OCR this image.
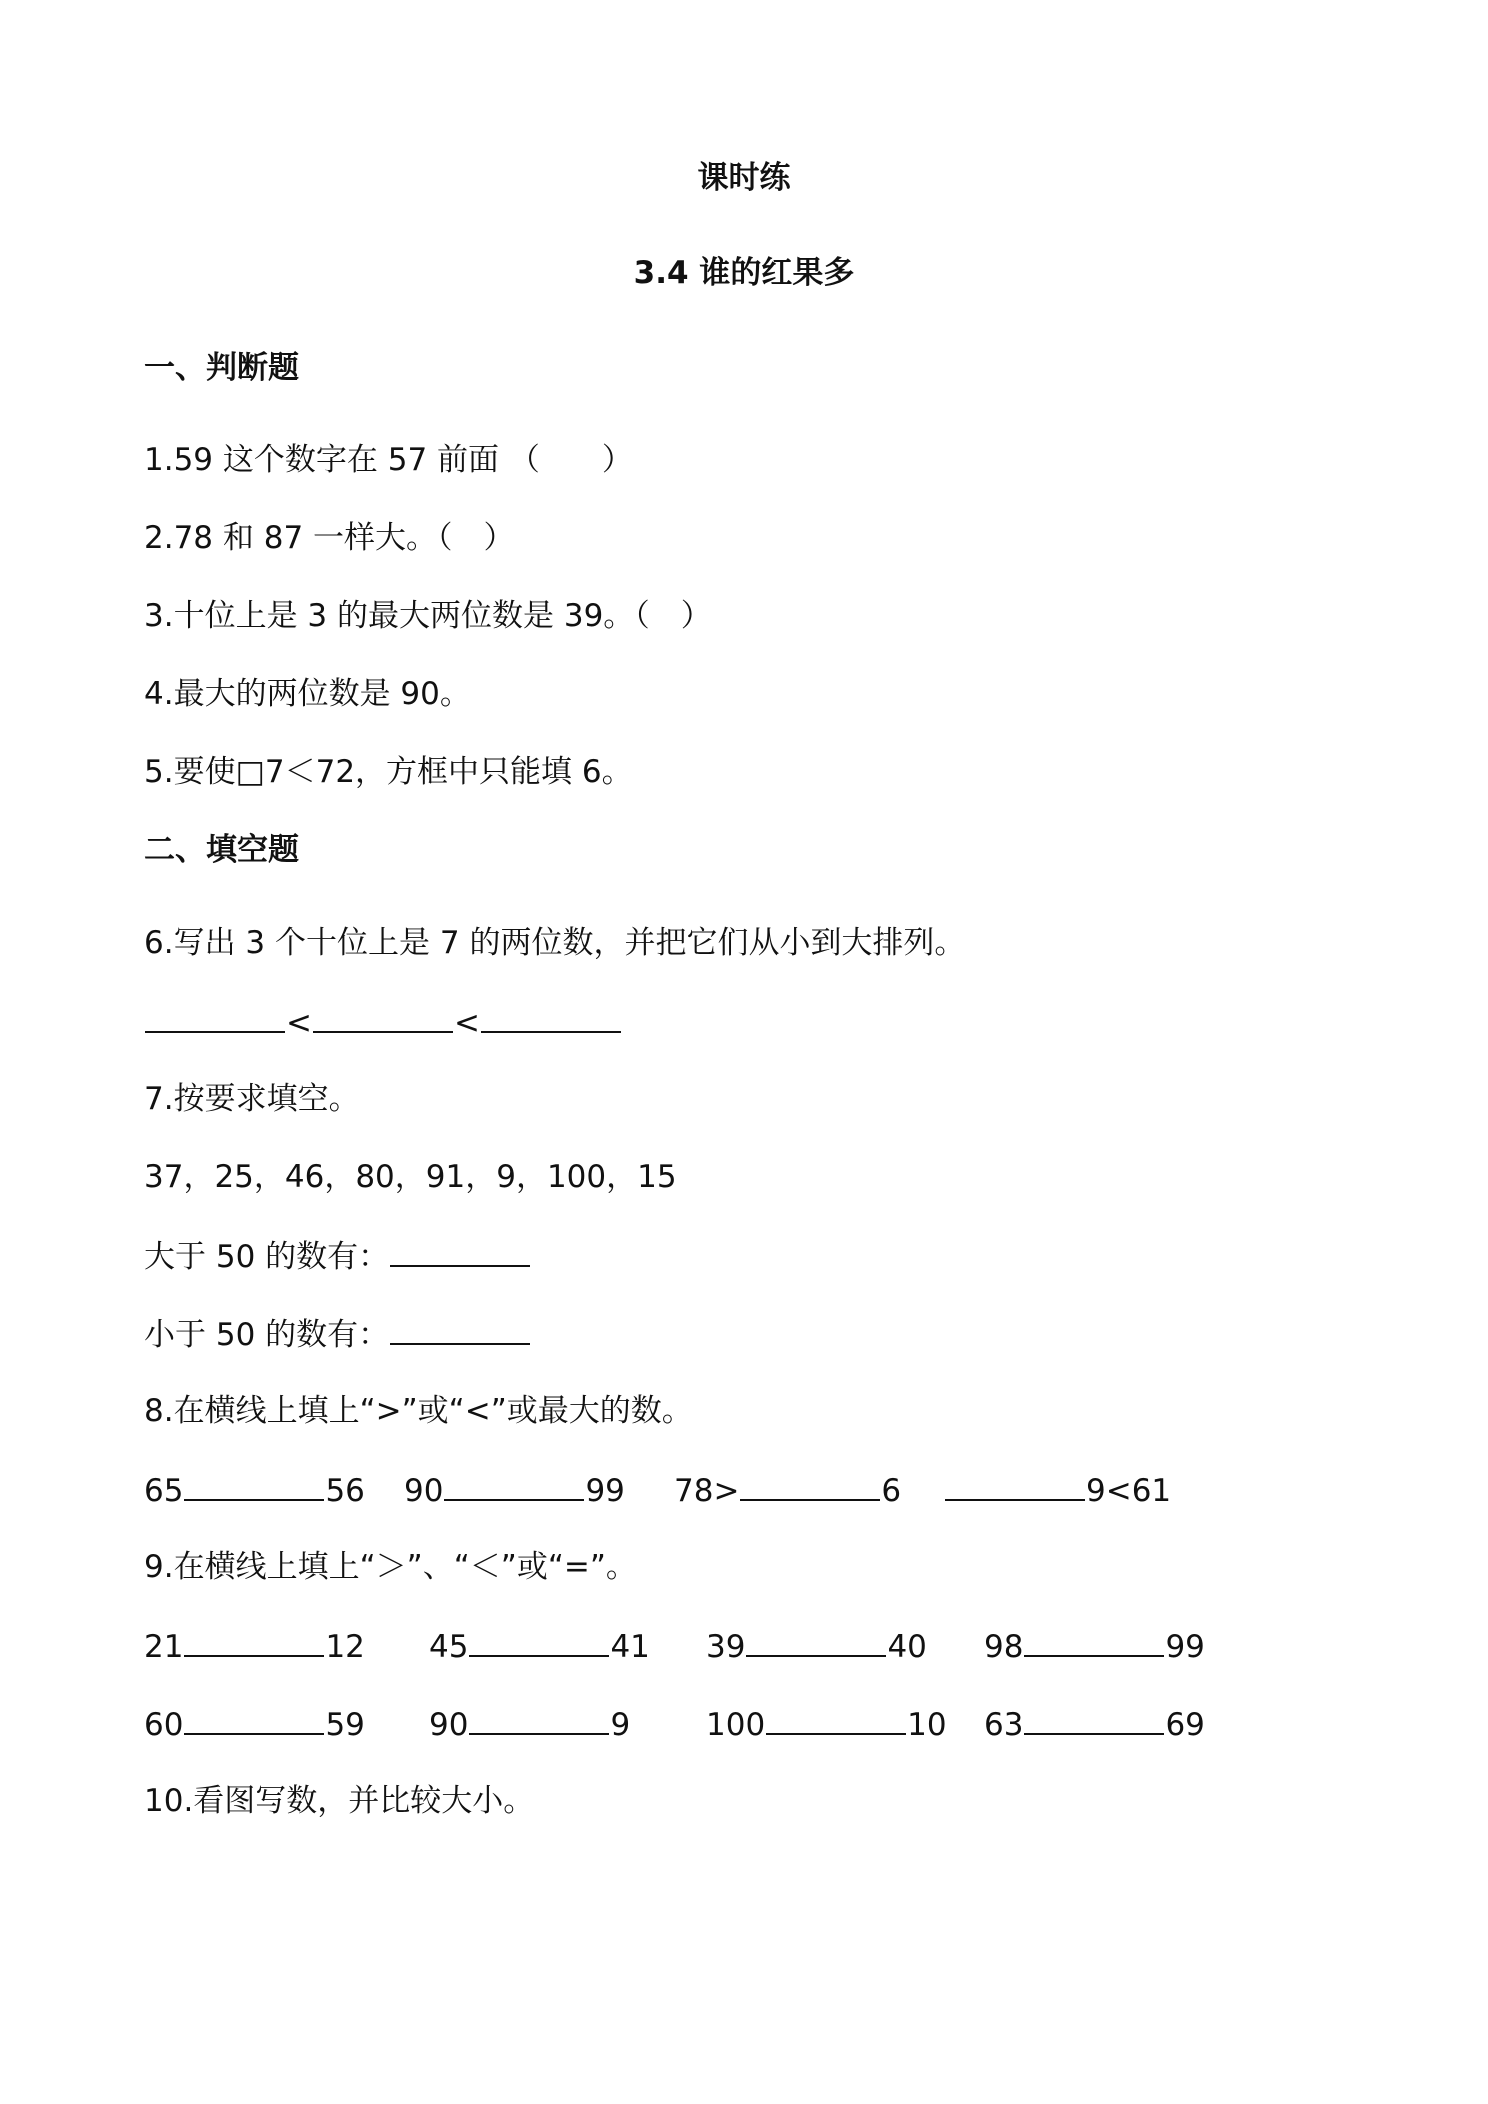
课时练
3.4 谁的红果多
一、判断题
1.59 这个数字在 57 前面 （　　）
2.78 和 87 一样大。（　）
3.十位上是 3 的最大两位数是 39。（　）
4.最大的两位数是 90。
5.要使□7＜72，方框中只能填 6。
二、填空题
6.写出 3 个十位上是 7 的两位数，并把它们从小到大排列。
<	<
7.按要求填空。
37，25，46，80，91，9，100，15
大于 50 的数有：
小于 50 的数有：
8.在横线上填上“>”或“<”或最大的数。
65	56 90	99 78>	6	9<61
9.在横线上填上“＞”、“＜”或“=”。
21	12 45	41 39	40 98	99
60	59 90	9 100	10 63	69
10.看图写数，并比较大小。
